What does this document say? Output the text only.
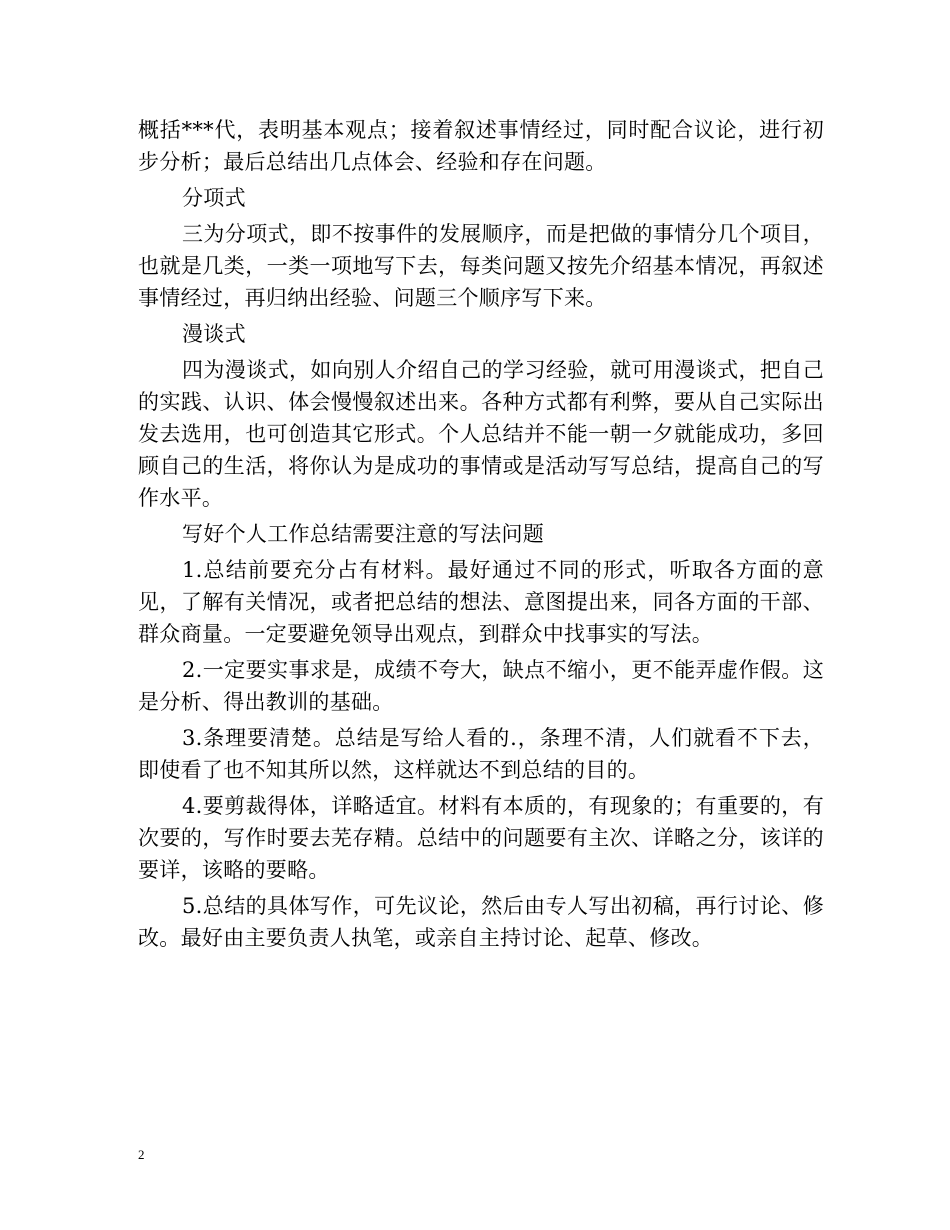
概括***代，表明基本观点；接着叙述事情经过，同时配合议论，进行初步分析；最后总结出几点体会、经验和存在问题。

分项式

三为分项式，即不按事件的发展顺序，而是把做的事情分几个项目，也就是几类，一类一项地写下去，每类问题又按先介绍基本情况，再叙述事情经过，再归纳出经验、问题三个顺序写下来。

漫谈式

四为漫谈式，如向别人介绍自己的学习经验，就可用漫谈式，把自己的实践、认识、体会慢慢叙述出来。各种方式都有利弊，要从自己实际出发去选用，也可创造其它形式。个人总结并不能一朝一夕就能成功，多回顾自己的生活，将你认为是成功的事情或是活动写写总结，提高自己的写作水平。

写好个人工作总结需要注意的写法问题

1.总结前要充分占有材料。最好通过不同的形式，听取各方面的意见，了解有关情况，或者把总结的想法、意图提出来，同各方面的干部、群众商量。一定要避免领导出观点，到群众中找事实的写法。

2.一定要实事求是，成绩不夸大，缺点不缩小，更不能弄虚作假。这是分析、得出教训的基础。

3.条理要清楚。总结是写给人看的.，条理不清，人们就看不下去，即使看了也不知其所以然，这样就达不到总结的目的。

4.要剪裁得体，详略适宜。材料有本质的，有现象的；有重要的，有次要的，写作时要去芜存精。总结中的问题要有主次、详略之分，该详的要详，该略的要略。

5.总结的具体写作，可先议论，然后由专人写出初稿，再行讨论、修改。最好由主要负责人执笔，或亲自主持讨论、起草、修改。

2
